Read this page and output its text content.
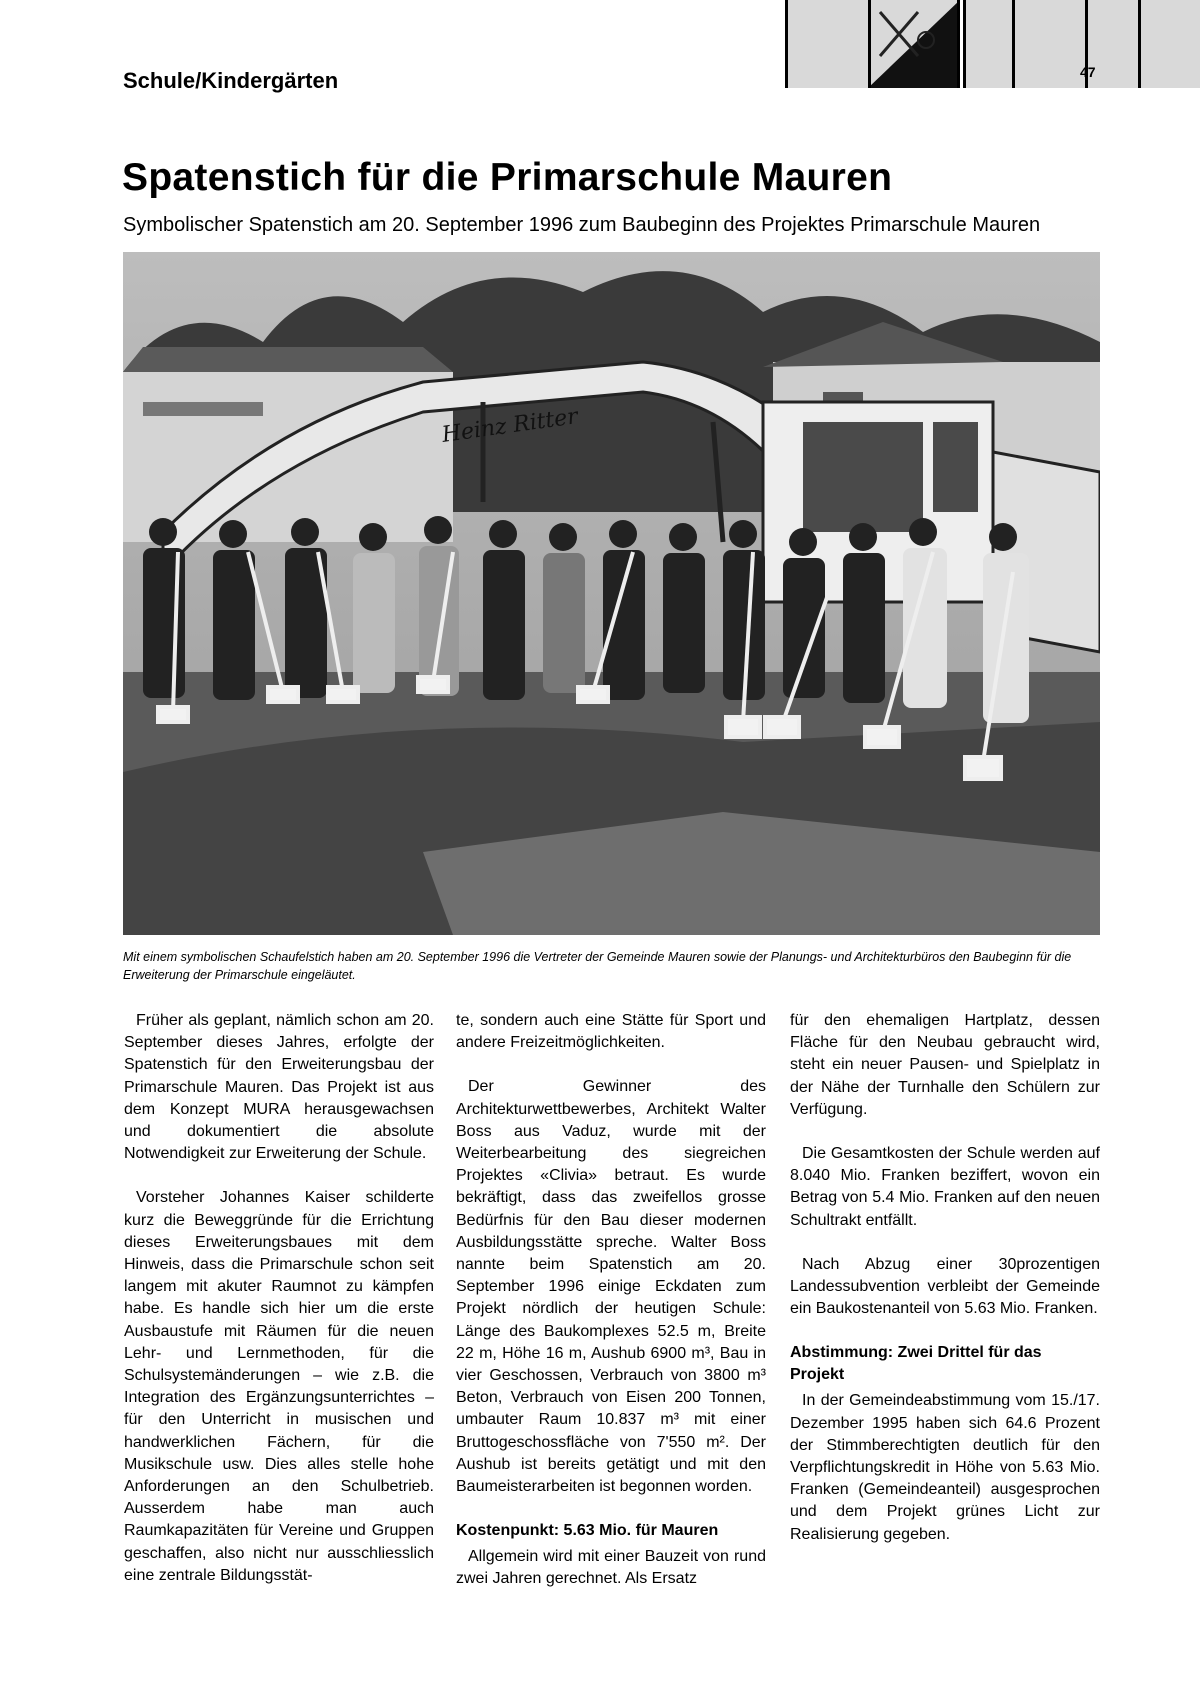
47
Schule/Kindergärten
Spatenstich für die Primarschule Mauren
Symbolischer Spatenstich am 20. September 1996 zum Baubeginn des Projektes Primarschule Mauren
Heinz Ritter
Mit einem symbolischen Schaufelstich haben am 20. September 1996 die Vertreter der Gemeinde Mauren sowie der Planungs- und Architekturbüros den Baubeginn für die Erweiterung der Primarschule eingeläutet.

Früher als geplant, nämlich schon am 20. September dieses Jahres, erfolgte der Spatenstich für den Erweiterungsbau der Primarschule Mauren. Das Projekt ist aus dem Konzept MURA herausgewachsen und dokumentiert die absolute Notwendigkeit zur Erweiterung der Schule.

Vorsteher Johannes Kaiser schilderte kurz die Beweggründe für die Errichtung dieses Erweiterungsbaues mit dem Hinweis, dass die Primarschule schon seit langem mit akuter Raumnot zu kämpfen habe. Es handle sich hier um die erste Ausbaustufe mit Räumen für die neuen Lehr- und Lernmethoden, für die Schulsystemänderungen – wie z.B. die Integration des Ergänzungsunterrichtes – für den Unterricht in musischen und handwerklichen Fächern, für die Musikschule usw. Dies alles stelle hohe Anforderungen an den Schulbetrieb. Ausserdem habe man auch Raumkapazitäten für Vereine und Gruppen geschaffen, also nicht nur ausschliesslich eine zentrale Bildungsstät-

te, sondern auch eine Stätte für Sport und andere Freizeitmöglichkeiten.

Der Gewinner des Architekturwettbewerbes, Architekt Walter Boss aus Vaduz, wurde mit der Weiterbearbeitung des siegreichen Projektes «Clivia» betraut. Es wurde bekräftigt, dass das zweifellos grosse Bedürfnis für den Bau dieser modernen Ausbildungsstätte spreche. Walter Boss nannte beim Spatenstich am 20. September 1996 einige Eckdaten zum Projekt nördlich der heutigen Schule: Länge des Baukomplexes 52.5 m, Breite 22 m, Höhe 16 m, Aushub 6900 m³, Bau in vier Geschossen, Verbrauch von 3800 m³ Beton, Verbrauch von Eisen 200 Tonnen, umbauter Raum 10.837 m³ mit einer Bruttogeschossfläche von 7'550 m². Der Aushub ist bereits getätigt und mit den Baumeisterarbeiten ist begonnen worden.

Kostenpunkt: 5.63 Mio. für Mauren

Allgemein wird mit einer Bauzeit von rund zwei Jahren gerechnet. Als Ersatz

für den ehemaligen Hartplatz, dessen Fläche für den Neubau gebraucht wird, steht ein neuer Pausen- und Spielplatz in der Nähe der Turnhalle den Schülern zur Verfügung.

Die Gesamtkosten der Schule werden auf 8.040 Mio. Franken beziffert, wovon ein Betrag von 5.4 Mio. Franken auf den neuen Schultrakt entfällt.

Nach Abzug einer 30prozentigen Landessubvention verbleibt der Gemeinde ein Baukostenanteil von 5.63 Mio. Franken.

Abstimmung: Zwei Drittel für das Projekt

In der Gemeindeabstimmung vom 15./17. Dezember 1995 haben sich 64.6 Prozent der Stimmberechtigten deutlich für den Verpflichtungskredit in Höhe von 5.63 Mio. Franken (Gemeindeanteil) ausgesprochen und dem Projekt grünes Licht zur Realisierung gegeben.
